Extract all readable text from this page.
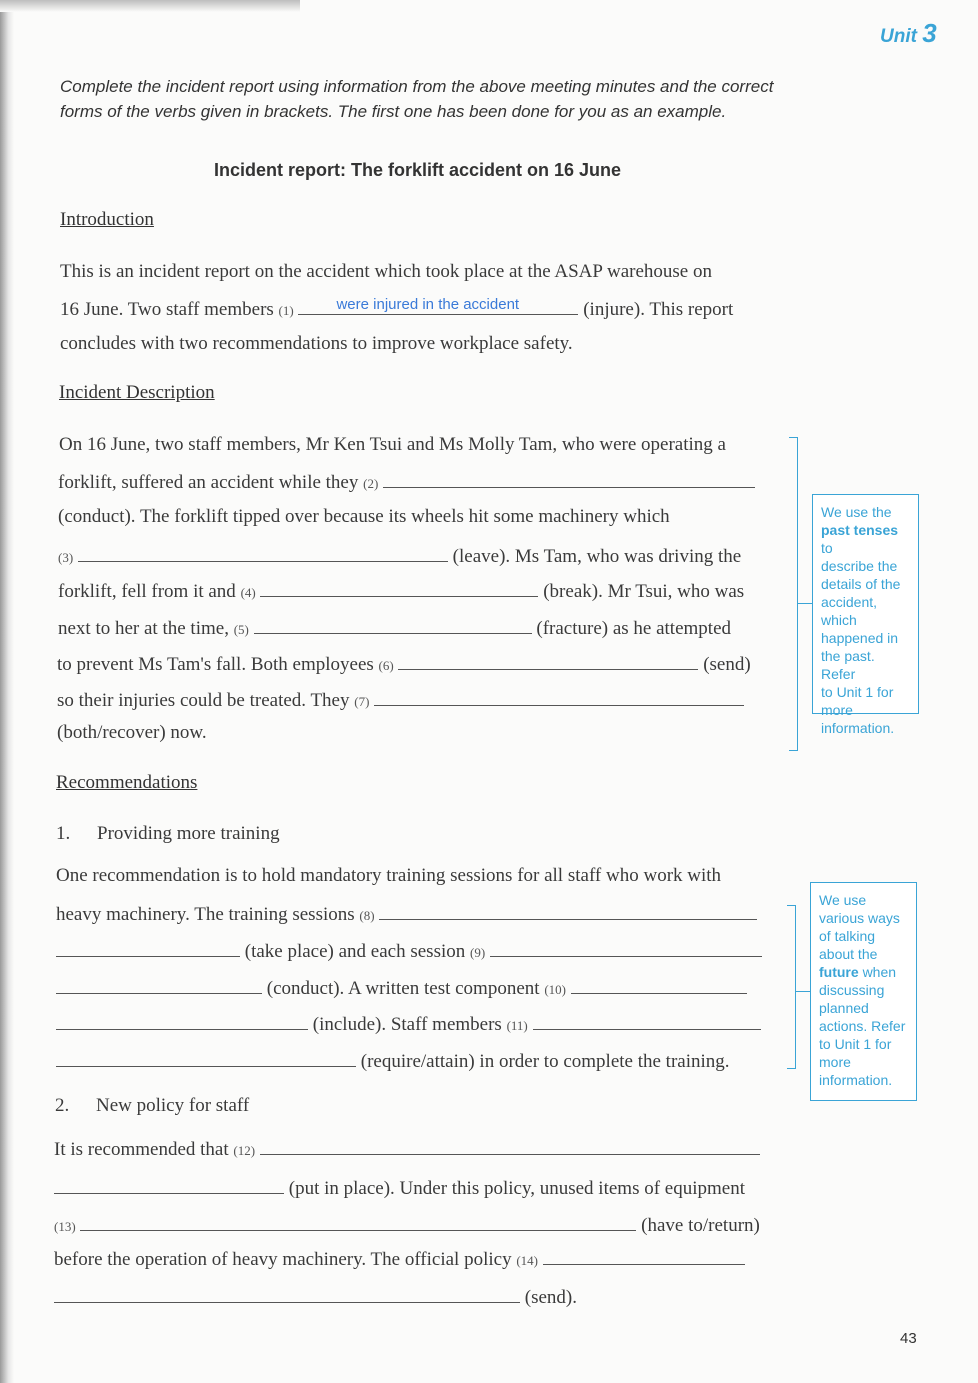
Unit 3
Complete the incident report using information from the above meeting minutes and the correct
forms of the verbs given in brackets. The first one has been done for you as an example.
Incident report: The forklift accident on 16 June
Introduction
This is an incident report on the accident which took place at the ASAP warehouse on
16 June. Two staff members (1)	were injured in the accident	(injure). This report
concludes with two recommendations to improve workplace safety.
Incident Description
On 16 June, two staff members, Mr Ken Tsui and Ms Molly Tam, who were operating a
forklift, suffered an accident while they (2)
(conduct). The forklift tipped over because its wheels hit some machinery which
(3)	(leave). Ms Tam, who was driving the
forklift, fell from it and (4)	(break). Mr Tsui, who was
next to her at the time, (5)	(fracture) as he attempted
to prevent Ms Tam's fall. Both employees (6)	(send)
so their injuries could be treated. They (7)
(both/recover) now.
We use the
past tenses to
describe the
details of the
accident,
which
happened in
the past. Refer
to Unit 1 for
more
information.
Recommendations
1. Providing more training
One recommendation is to hold mandatory training sessions for all staff who work with
heavy machinery. The training sessions (8)
(take place) and each session (9)
(conduct). A written test component (10)
(include). Staff members (11)
(require/attain) in order to complete the training.
We use
various ways
of talking
about the
future when
discussing
planned
actions. Refer
to Unit 1 for
more
information.
2. New policy for staff
It is recommended that (12)
(put in place). Under this policy, unused items of equipment
(13)	(have to/return)
before the operation of heavy machinery. The official policy (14)
(send).
43
